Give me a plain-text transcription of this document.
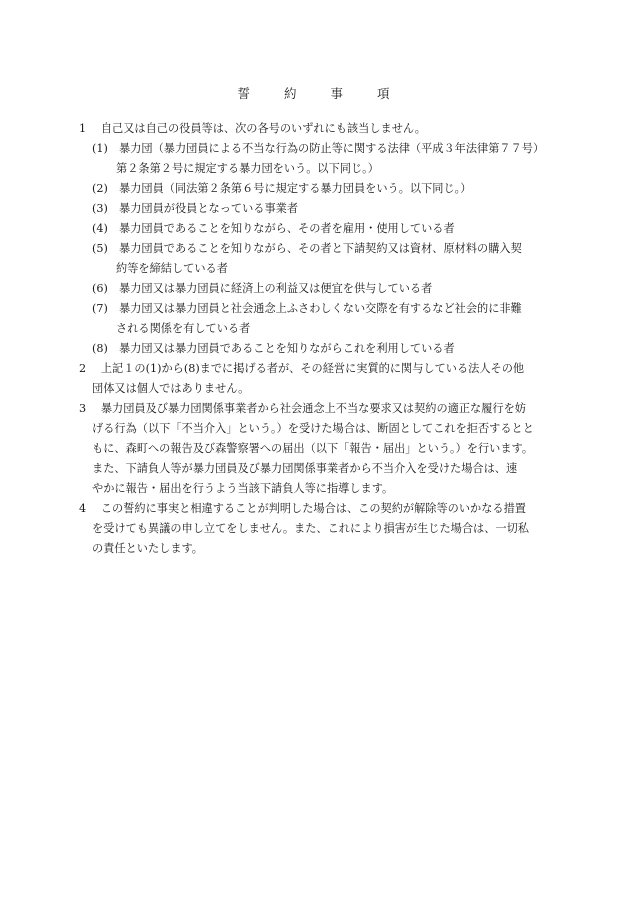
誓　　約　　事　　項
1　 自己又は自己の役員等は、次の各号のいずれにも該当しません。
(1)　暴力団（暴力団員による不当な行為の防止等に関する法律（平成３年法律第７７号）
第２条第２号に規定する暴力団をいう。以下同じ。）
(2)　暴力団員（同法第２条第６号に規定する暴力団員をいう。以下同じ。）
(3)　暴力団員が役員となっている事業者
(4)　暴力団員であることを知りながら、その者を雇用・使用している者
(5)　暴力団員であることを知りながら、その者と下請契約又は資材、原材料の購入契
約等を締結している者
(6)　暴力団又は暴力団員に経済上の利益又は便宜を供与している者
(7)　暴力団又は暴力団員と社会通念上ふさわしくない交際を有するなど社会的に非難
される関係を有している者
(8)　暴力団又は暴力団員であることを知りながらこれを利用している者
2　 上記１の(1)から(8)までに掲げる者が、その経営に実質的に関与している法人その他
団体又は個人ではありません。
3　 暴力団員及び暴力団関係事業者から社会通念上不当な要求又は契約の適正な履行を妨
げる行為（以下「不当介入」という。）を受けた場合は、断固としてこれを拒否するとと
もに、森町への報告及び森警察署への届出（以下「報告・届出」という。）を行います。
また、下請負人等が暴力団員及び暴力団関係事業者から不当介入を受けた場合は、速
やかに報告・届出を行うよう当該下請負人等に指導します。
4　 この誓約に事実と相違することが判明した場合は、この契約が解除等のいかなる措置
を受けても異議の申し立てをしません。また、これにより損害が生じた場合は、一切私
の責任といたします。
